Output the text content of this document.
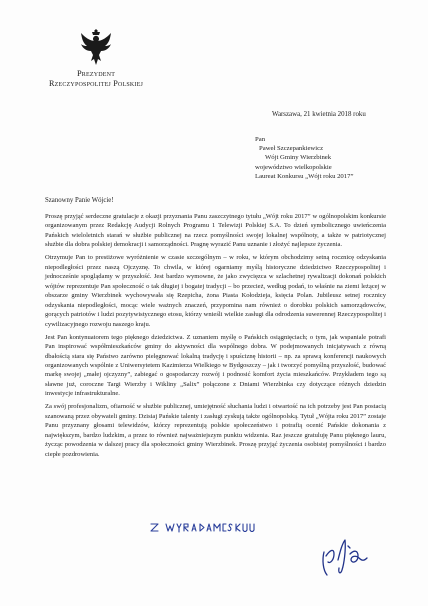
Prezydent
Rzeczypospolitej Polskiej
Warszawa, 21 kwietnia 2018 roku
Pan
Paweł Szczepankiewicz
Wójt Gminy Wierzbinek
województwo wielkopolskie
Laureat Konkursu „Wójt roku 2017”
Szanowny Panie Wójcie!

Proszę przyjąć serdeczne gratulacje z okazji przyznania Panu zaszczytnego tytułu „Wójt roku 2017” w ogólnopolskim konkursie organizowanym przez Redakcję Audycji Rolnych Programu 1 Telewizji Polskiej S.A. To dzień symbolicznego uwieńczenia Pańskich wieloletnich starań w służbie publicznej na rzecz pomyślności swojej lokalnej wspólnoty, a także w patriotycznej służbie dla dobra polskiej demokracji i samorządności. Pragnę wyrazić Panu uznanie i złożyć najlepsze życzenia.

Otrzymuje Pan to prestiżowe wyróżnienie w czasie szczególnym – w roku, w którym obchodzimy setną rocznicę odzyskania niepodległości przez naszą Ojczyznę. To chwila, w której ogarniamy myślą historyczne dziedzictwo Rzeczypospolitej i jednocześnie spoglądamy w przyszłość. Jest bardzo wymowne, że jako zwycięzca w szlachetnej rywalizacji dokonań polskich wójtów reprezentuje Pan społeczność o tak długiej i bogatej tradycji – bo przecież, według podań, to właśnie na ziemi leżącej w obszarze gminy Wierzbinek wychowywała się Rzepicha, żona Piasta Kołodzieja, księcia Polan. Jubileusz setnej rocznicy odzyskania niepodległości, mocąc wiele ważnych znaczeń, przypomina nam również o dorobku polskich samorządowców, gorących patriotów i ludzi pozytywistycznego etosu, którzy wnieśli wielkie zasługi dla odrodzenia suwerennej Rzeczypospolitej i cywilizacyjnego rozwoju naszego kraju.

Jest Pan kontynuatorem tego pięknego dziedzictwa. Z uznaniem myślę o Pańskich osiągnięciach; o tym, jak wspaniale potrafi Pan inspirować współmieszkańców gminy do aktywności dla wspólnego dobra. W podejmowanych inicjatywach z równą dbałością stara się Państwo zarówno pielęgnować lokalną tradycję i spuściznę historii – np. za sprawą konferencji naukowych organizowanych wspólnie z Uniwersytetem Kazimierza Wielkiego w Bydgoszczy – jak i tworzyć pomyślną przyszłość, budować markę swojej „małej ojczyzny”, zabiegać o gospodarczy rozwój i podnosić komfort życia mieszkańców. Przykładem tego są sławne już, coroczne Targi Wierzby i Wikliny „Salix” połączone z Dniami Wierzbinka czy dotyczące różnych dziedzin inwestycje infrastrukturalne.

Za swój profesjonalizm, ofiarność w służbie publicznej, umiejętność słuchania ludzi i otwartość na ich potrzeby jest Pan postacią szanowaną przez obywateli gminy. Dzisiaj Pańskie talenty i zasługi zyskują także ogólnopolską. Tytuł „Wójta roku 2017” zostaje Panu przyznany głosami telewidzów, którzy reprezentują polskie społeczeństwo i potrafią ocenić Pańskie dokonania z największym, bardzo ludzkim, a przez to również najważniejszym punktu widzenia. Raz jeszcze gratuluję Panu pięknego lauru, życząc powodzenia w dalszej pracy dla społeczności gminy Wierzbinek. Proszę przyjąć życzenia osobistej pomyślności i bardzo ciepłe pozdrowienia.
